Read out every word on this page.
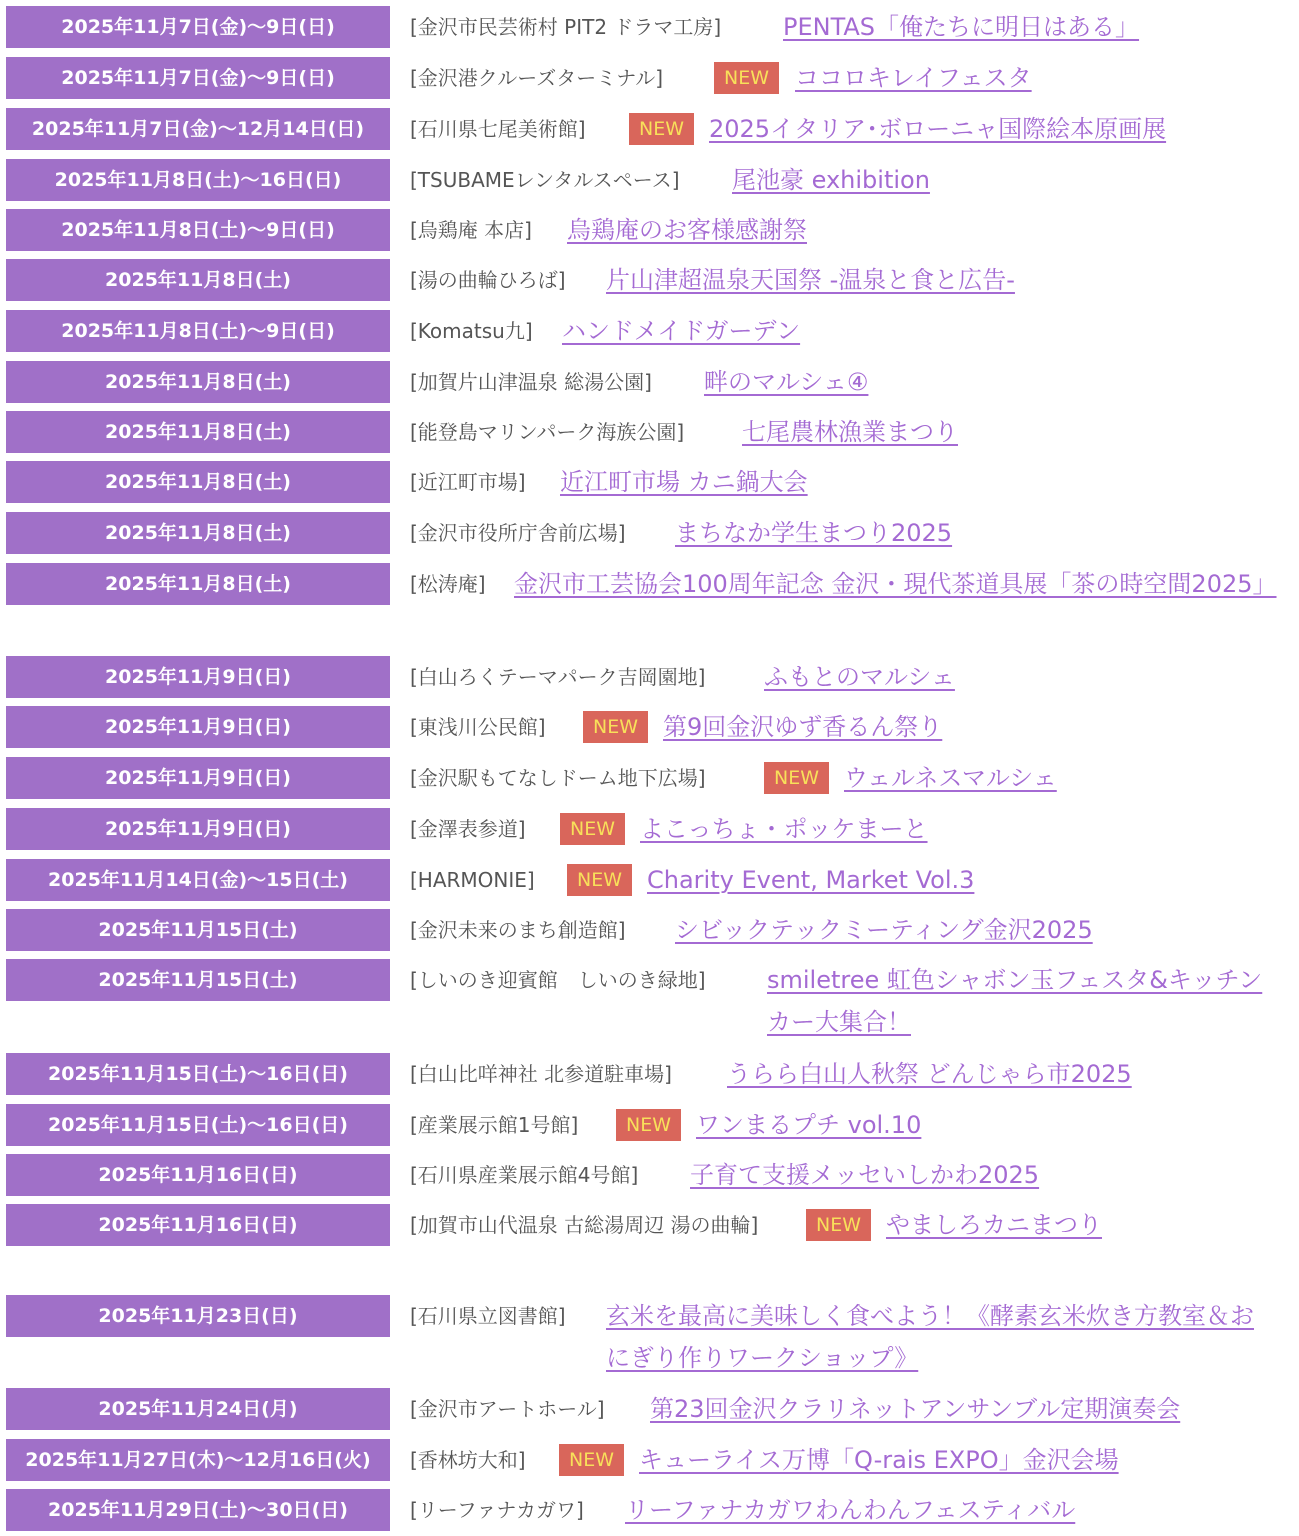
2025年11月7日(金)〜9日(日)	[金沢市民芸術村 PIT2 ドラマ工房]	PENTAS「俺たちに明日はある」
2025年11月7日(金)〜9日(日)	[金沢港クルーズターミナル]	NEW	ココロキレイフェスタ
2025年11月7日(金)〜12月14日(日)	[石川県七尾美術館]	NEW	2025イタリア･ボローニャ国際絵本原画展
2025年11月8日(土)〜16日(日)	[TSUBAMEレンタルスペース] 尾池豪 exhibition
2025年11月8日(土)〜9日(日)	[烏鶏庵 本店] 烏鶏庵のお客様感謝祭
2025年11月8日(土)	[湯の曲輪ひろば] 片山津超温泉天国祭 -温泉と食と広告-
2025年11月8日(土)〜9日(日)	[Komatsu九] ハンドメイドガーデン
2025年11月8日(土)	[加賀片山津温泉 総湯公園] 畔のマルシェ④
2025年11月8日(土)	[能登島マリンパーク海族公園] 七尾農林漁業まつり
2025年11月8日(土)	[近江町市場] 近江町市場 カニ鍋大会
2025年11月8日(土)	[金沢市役所庁舎前広場] まちなか学生まつり2025
2025年11月8日(土)	[松涛庵] 金沢市工芸協会100周年記念 金沢・現代茶道具展「茶の時空間2025」
2025年11月9日(日)	[白山ろくテーマパーク吉岡園地] ふもとのマルシェ
2025年11月9日(日)	[東浅川公民館]	NEW	第9回金沢ゆず香るん祭り
2025年11月9日(日)	[金沢駅もてなしドーム地下広場]	NEW	ウェルネスマルシェ
2025年11月9日(日)	[金澤表参道]	NEW	よこっちょ・ポッケまーと
2025年11月14日(金)〜15日(土)	[HARMONIE]	NEW	Charity Event, Market Vol.3
2025年11月15日(土)	[金沢未来のまち創造館] シビックテックミーティング金沢2025
2025年11月15日(土)	[しいのき迎賓館　しいのき緑地]	smiletree 虹色シャボン玉フェスタ&キッチンカー大集合！
2025年11月15日(土)〜16日(日)	[白山比咩神社 北参道駐車場] うらら白山人秋祭 どんじゃら市2025
2025年11月15日(土)〜16日(日)	[産業展示館1号館]	NEW	ワンまるプチ vol.10
2025年11月16日(日)	[石川県産業展示館4号館] 子育て支援メッセいしかわ2025
2025年11月16日(日)	[加賀市山代温泉 古総湯周辺 湯の曲輪]	NEW	やましろカニまつり
2025年11月23日(日)	[石川県立図書館] 玄米を最高に美味しく食べよう！《酵素玄米炊き方教室＆おにぎり作りワークショップ》
2025年11月24日(月)	[金沢市アートホール] 第23回金沢クラリネットアンサンブル定期演奏会
2025年11月27日(木)〜12月16日(火)	[香林坊大和]	NEW	キューライス万博「Q-rais EXPO」金沢会場
2025年11月29日(土)〜30日(日)	[リーファナカガワ] リーファナカガワわんわんフェスティバル
